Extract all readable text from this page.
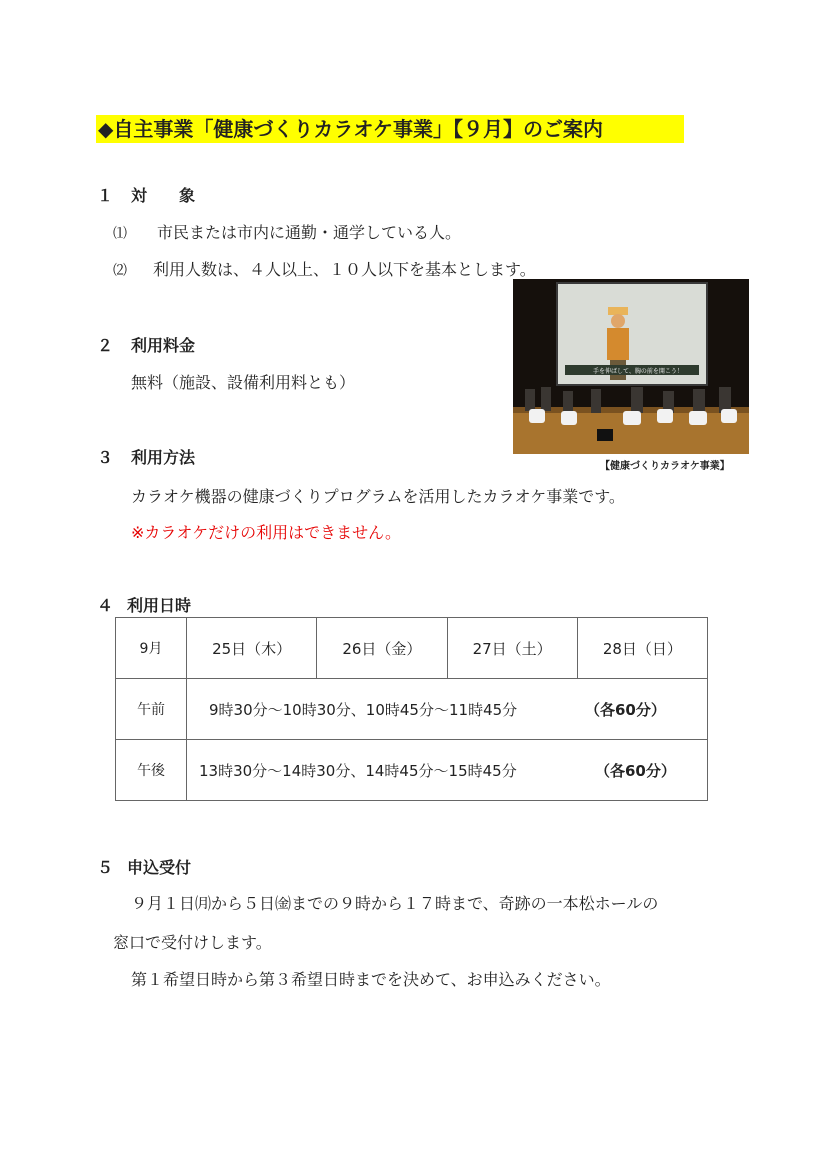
◆自主事業「健康づくりカラオケ事業」【９月】のご案内
１ 対　　象
⑴ 市民または市内に通勤・通学している人。
⑵ 利用人数は、４人以上、１０人以下を基本とします。
手を伸ばして、胸の前を開こう！
【健康づくりカラオケ事業】
２ 利用料金
無料（施設、設備利用料とも）
３ 利用方法
カラオケ機器の健康づくりプログラムを活用したカラオケ事業です。
※カラオケだけの利用はできません。
４ 利用日時
9月	25日（木）	26日（金）	27日（土）	28日（日）
午前	9時30分～10時30分、10時45分～11時45分 （各60分）			
午後	13時30分～14時30分、14時45分～15時45分 （各60分）			
５ 申込受付
９月１日㈪から５日㈮までの９時から１７時まで、奇跡の一本松ホールの
窓口で受付けします。
第１希望日時から第３希望日時までを決めて、お申込みください。
